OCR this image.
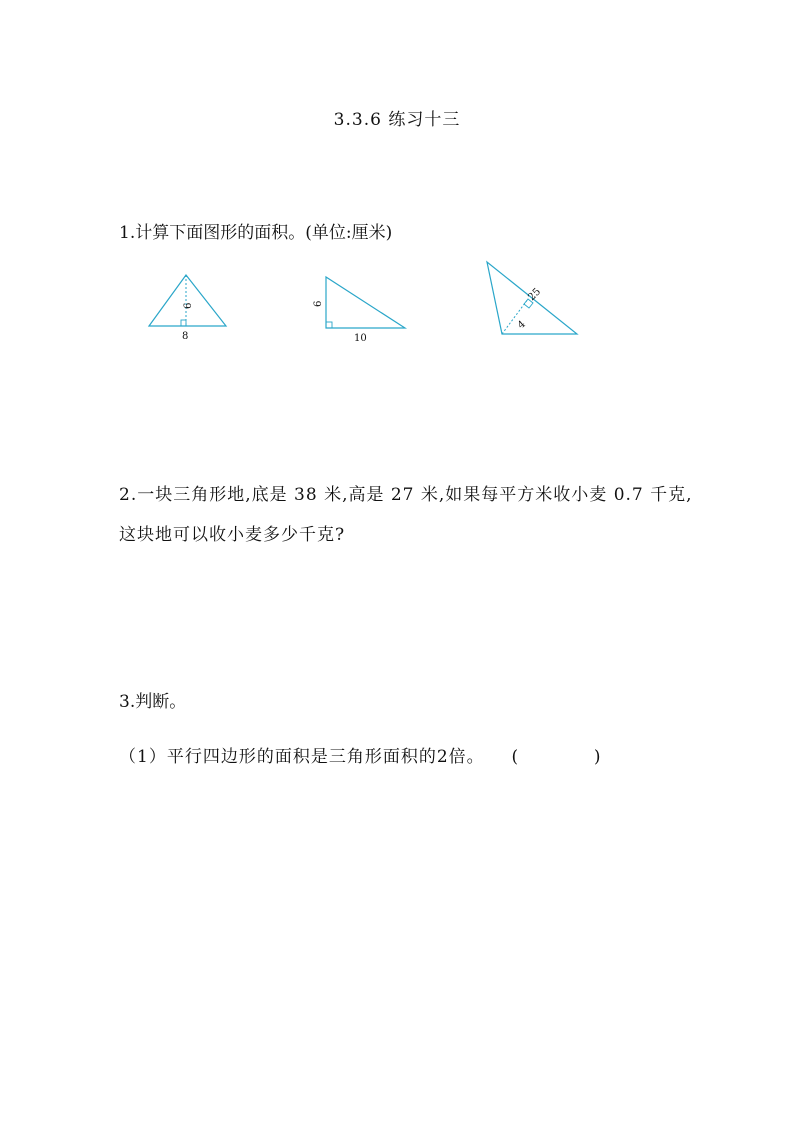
3.3.6 练习十三
1.计算下面图形的面积。(单位:厘米)
8
6	6
10
25
4
2.一块三角形地,底是 38 米,高是 27 米,如果每平方米收小麦 0.7 千克,
这块地可以收小麦多少千克?
3.判断。
（1）平行四边形的面积是三角形面积的2倍。 (	)
